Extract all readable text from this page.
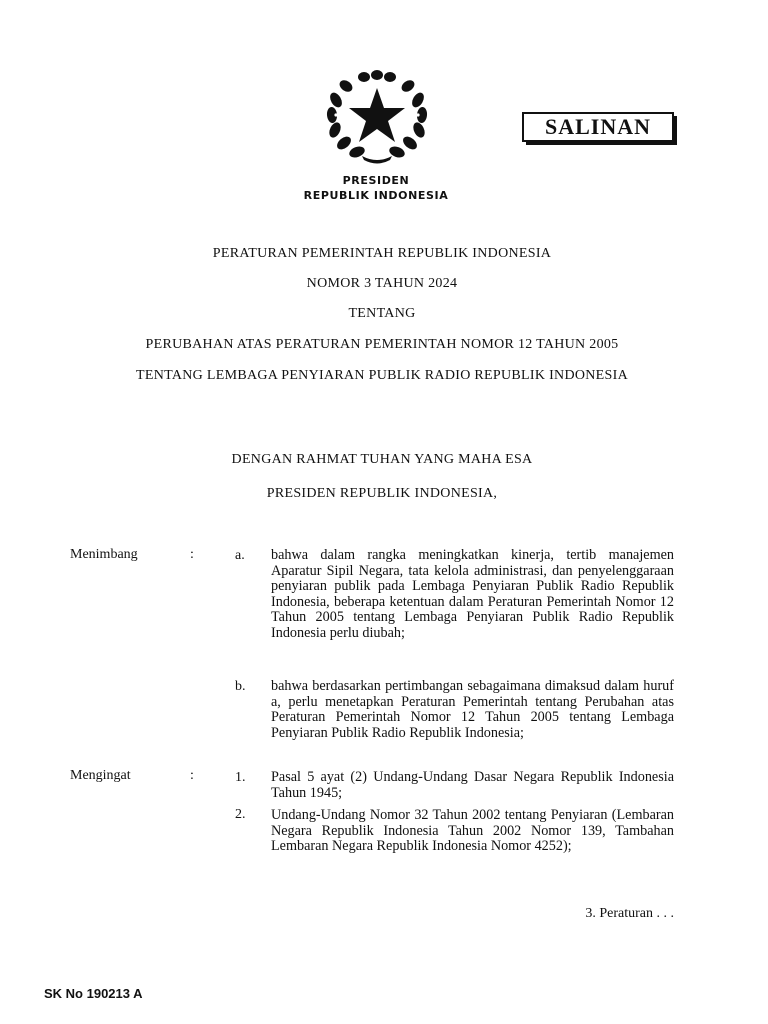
SALINAN
PRESIDEN
REPUBLIK INDONESIA
PERATURAN PEMERINTAH REPUBLIK INDONESIA
NOMOR 3 TAHUN 2024
TENTANG
PERUBAHAN ATAS PERATURAN PEMERINTAH NOMOR 12 TAHUN 2005
TENTANG LEMBAGA PENYIARAN PUBLIK RADIO REPUBLIK INDONESIA
DENGAN RAHMAT TUHAN YANG MAHA ESA
PRESIDEN REPUBLIK INDONESIA,
Menimbang	:	a. bahwa dalam rangka meningkatkan kinerja, tertib manajemen Aparatur Sipil Negara, tata kelola administrasi, dan penyelenggaraan penyiaran publik pada Lembaga Penyiaran Publik Radio Republik Indonesia, beberapa ketentuan dalam Peraturan Pemerintah Nomor 12 Tahun 2005 tentang Lembaga Penyiaran Publik Radio Republik Indonesia perlu diubah;
b. bahwa berdasarkan pertimbangan sebagaimana dimaksud dalam huruf a, perlu menetapkan Peraturan Pemerintah tentang Perubahan atas Peraturan Pemerintah Nomor 12 Tahun 2005 tentang Lembaga Penyiaran Publik Radio Republik Indonesia;
Mengingat	:	1. Pasal 5 ayat (2) Undang-Undang Dasar Negara Republik Indonesia Tahun 1945;
2. Undang-Undang Nomor 32 Tahun 2002 tentang Penyiaran (Lembaran Negara Republik Indonesia Tahun 2002 Nomor 139, Tambahan Lembaran Negara Republik Indonesia Nomor 4252);
3. Peraturan . . .
SK No 190213 A
